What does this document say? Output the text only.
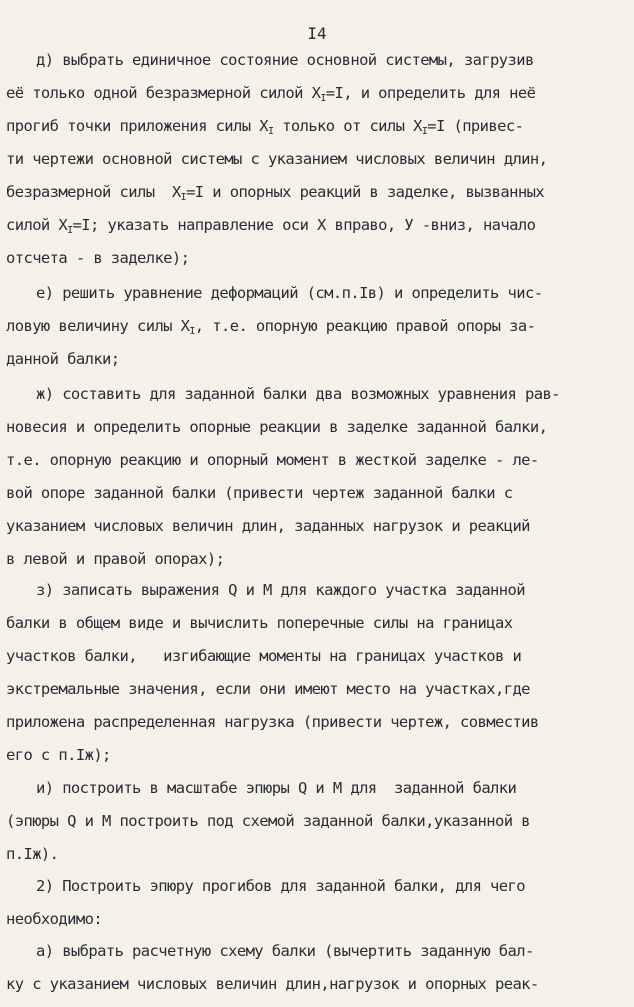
I4
д) выбрать единичное состояние основной системы, загрузив
её только одной безразмерной силой $X_I=I$, и определить для неё
прогиб точки приложения силы $X_I$ только от силы $X_I=I$ (привес-
ти чертежи основной системы с указанием числовых величин длин,
безразмерной силы  $X_I=I$ и опорных реакций в заделке, вызванных
силой $X_I=I$; указать направление оси X вправо, У -вниз, начало
отсчета - в заделке);
е) решить уравнение деформаций (см.п.Iв) и определить чис-
ловую величину силы $X_I$, т.е. опорную реакцию правой опоры за-
данной балки;
ж) составить для заданной балки два возможных уравнения рав-
новесия и определить опорные реакции в заделке заданной балки,
т.е. опорную реакцию и опорный момент в жесткой заделке - ле-
вой опоре заданной балки (привести чертеж заданной балки с
указанием числовых величин длин, заданных нагрузок и реакций
в левой и правой опорах);
з) записать выражения Q и M для каждого участка заданной
балки в общем виде и вычислить поперечные силы на границах
участков балки,   изгибающие моменты на границах участков и
экстремальные значения, если они имеют место на участках,где
приложена распределенная нагрузка (привести чертеж, совместив
его с п.Iж);
и) построить в масштабе эпюры Q и M для  заданной балки
(эпюры Q и M построить под схемой заданной балки,указанной в
п.Iж).
2) Построить эпюру прогибов для заданной балки, для чего
необходимо:
а) выбрать расчетную схему балки (вычертить заданную бал-
ку с указанием числовых величин длин,нагрузок и опорных реак-
